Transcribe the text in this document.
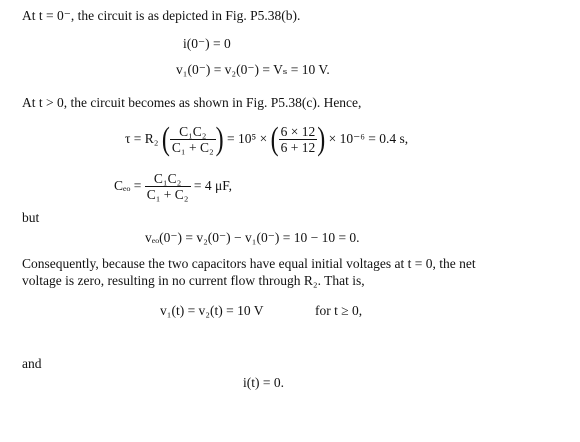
At t = 0⁻, the circuit is as depicted in Fig. P5.38(b).
i(0⁻) = 0
v₁(0⁻) = v₂(0⁻) = Vₛ = 10 V.
At t > 0, the circuit becomes as shown in Fig. P5.38(c). Hence,
τ = R₂ ( $\frac{\text{C₁C₂}}{\text{C₁ + C₂}}$ ) = 10⁵ × ( $\frac{6 \times 12}{6 + 12}$ ) × 10⁻⁶ = 0.4 s,
$C_{eo} = \frac{\text{C₁C₂}}{\text{C₁ + C₂}} = 4$ μF,
but
vₑₒ(0⁻) = v₂(0⁻) − v₁(0⁻) = 10 − 10 = 0.
Consequently, because the two capacitors have equal initial voltages at t = 0, the net
voltage is zero, resulting in no current flow through R₂. That is,
v₁(t) = v₂(t) = 10 V	for t ≥ 0,
and
i(t) = 0.
